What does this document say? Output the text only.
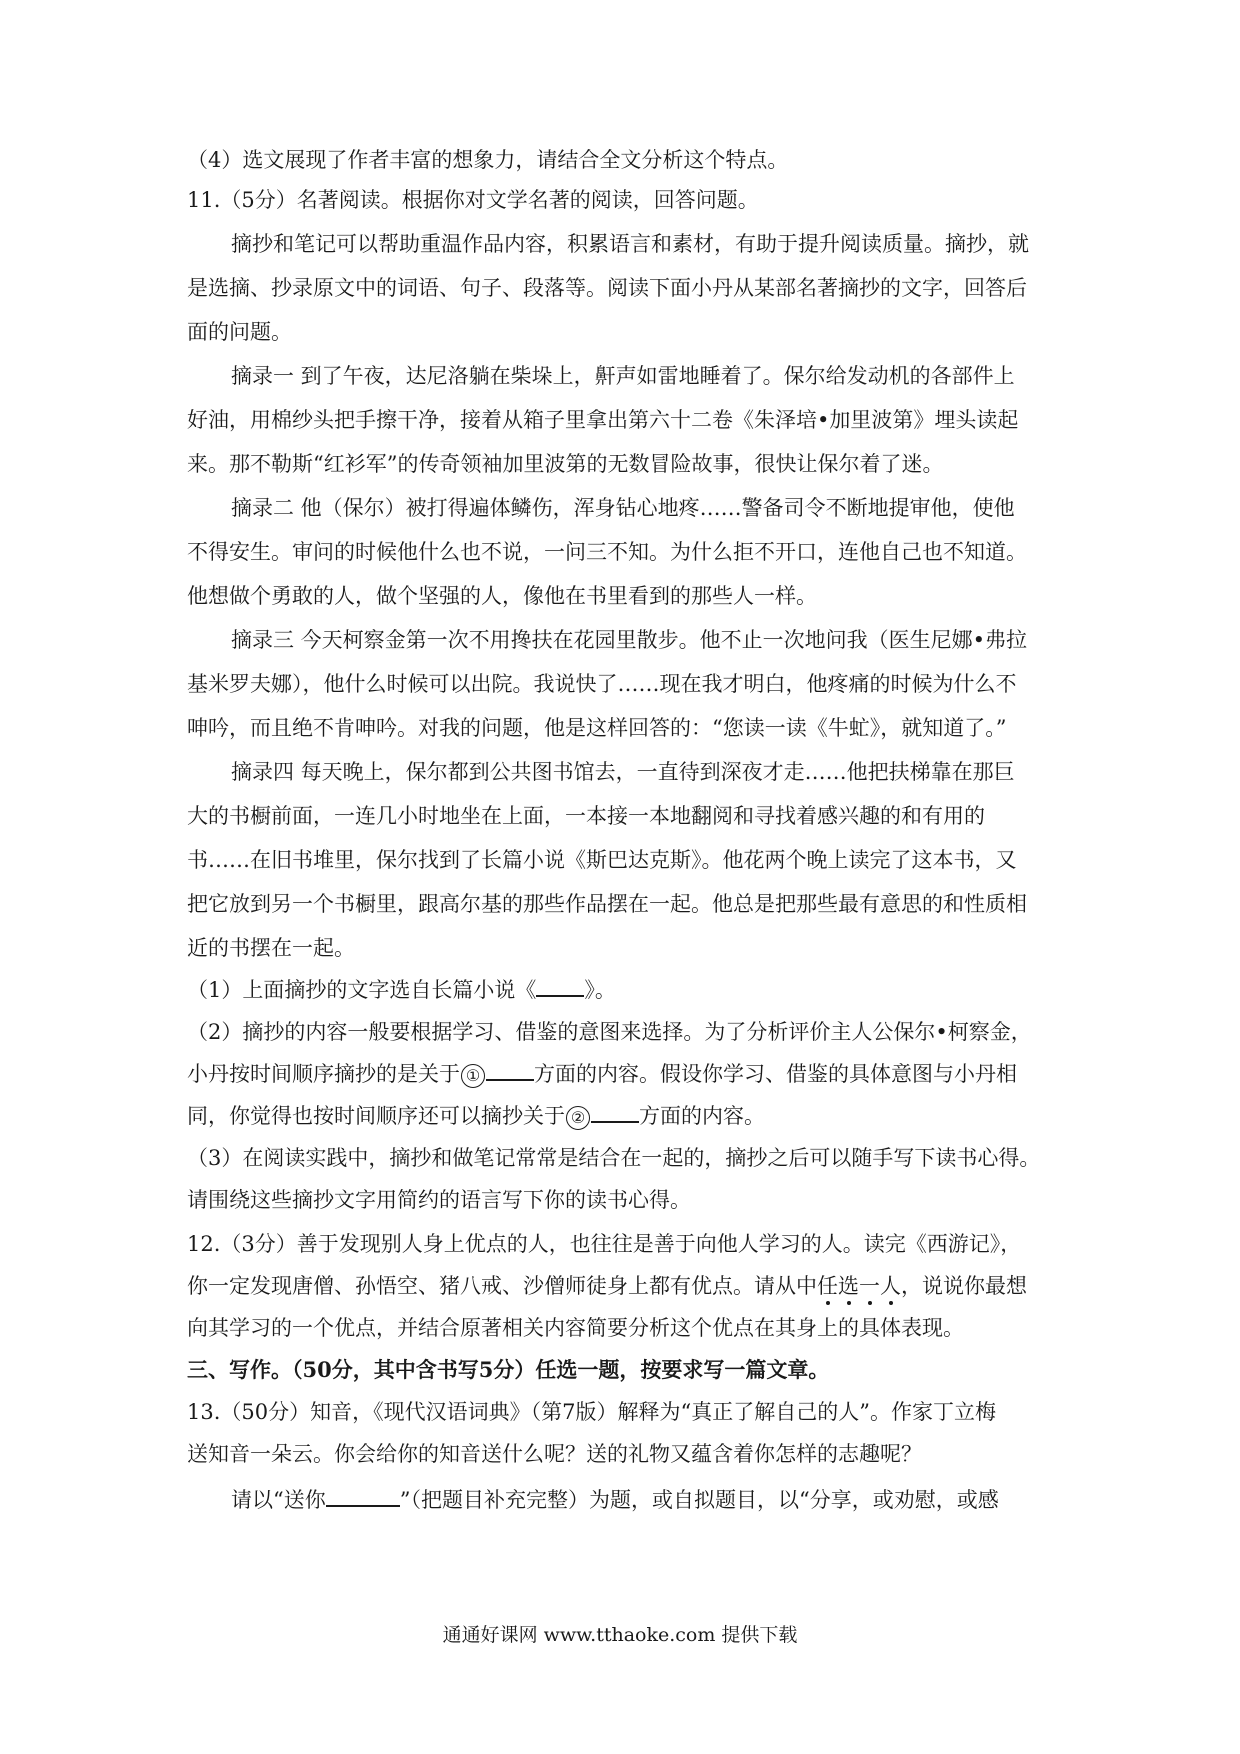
（4）选文展现了作者丰富的想象力，请结合全文分析这个特点。
11.（5分）名著阅读。根据你对文学名著的阅读，回答问题。
摘抄和笔记可以帮助重温作品内容，积累语言和素材，有助于提升阅读质量。摘抄，就
是选摘、抄录原文中的词语、句子、段落等。阅读下面小丹从某部名著摘抄的文字，回答后
面的问题。
摘录一 到了午夜，达尼洛躺在柴垛上，鼾声如雷地睡着了。保尔给发动机的各部件上
好油，用棉纱头把手擦干净，接着从箱子里拿出第六十二卷《朱泽培•加里波第》埋头读起
来。那不勒斯“红衫军”的传奇领袖加里波第的无数冒险故事，很快让保尔着了迷。
摘录二 他（保尔）被打得遍体鳞伤，浑身钻心地疼……警备司令不断地提审他，使他
不得安生。审问的时候他什么也不说，一问三不知。为什么拒不开口，连他自己也不知道。
他想做个勇敢的人，做个坚强的人，像他在书里看到的那些人一样。
摘录三 今天柯察金第一次不用搀扶在花园里散步。他不止一次地问我（医生尼娜•弗拉
基米罗夫娜），他什么时候可以出院。我说快了……现在我才明白，他疼痛的时候为什么不
呻吟，而且绝不肯呻吟。对我的问题，他是这样回答的：“您读一读《牛虻》，就知道了。”
摘录四 每天晚上，保尔都到公共图书馆去，一直待到深夜才走……他把扶梯靠在那巨
大的书橱前面，一连几小时地坐在上面，一本接一本地翻阅和寻找着感兴趣的和有用的
书……在旧书堆里，保尔找到了长篇小说《斯巴达克斯》。他花两个晚上读完了这本书，又
把它放到另一个书橱里，跟高尔基的那些作品摆在一起。他总是把那些最有意思的和性质相
近的书摆在一起。
（1）上面摘抄的文字选自长篇小说《 》。
（2）摘抄的内容一般要根据学习、借鉴的意图来选择。为了分析评价主人公保尔•柯察金，
小丹按时间顺序摘抄的是关于 ①	方面的内容。假设你学习、借鉴的具体意图与小丹相
同，你觉得也按时间顺序还可以摘抄关于 ②	方面的内容。
（3）在阅读实践中，摘抄和做笔记常常是结合在一起的，摘抄之后可以随手写下读书心得。
请围绕这些摘抄文字用简约的语言写下你的读书心得。
12.（3分）善于发现别人身上优点的人，也往往是善于向他人学习的人。读完《西游记》，
你一定发现唐僧、孙悟空、猪八戒、沙僧师徒身上都有优点。请从中任选一人，说说你最想
向其学习的一个优点，并结合原著相关内容简要分析这个优点在其身上的具体表现。
三、写作。（50分，其中含书写5分）任选一题，按要求写一篇文章。
13.（50分）知音，《现代汉语词典》（第7版）解释为“真正了解自己的人”。作家丁立梅
送知音一朵云。你会给你的知音送什么呢？送的礼物又蕴含着你怎样的志趣呢？
请以“送你	”（把题目补充完整）为题，或自拟题目，以“分享，或劝慰，或感
通通好课网 www.tthaoke.com 提供下载
